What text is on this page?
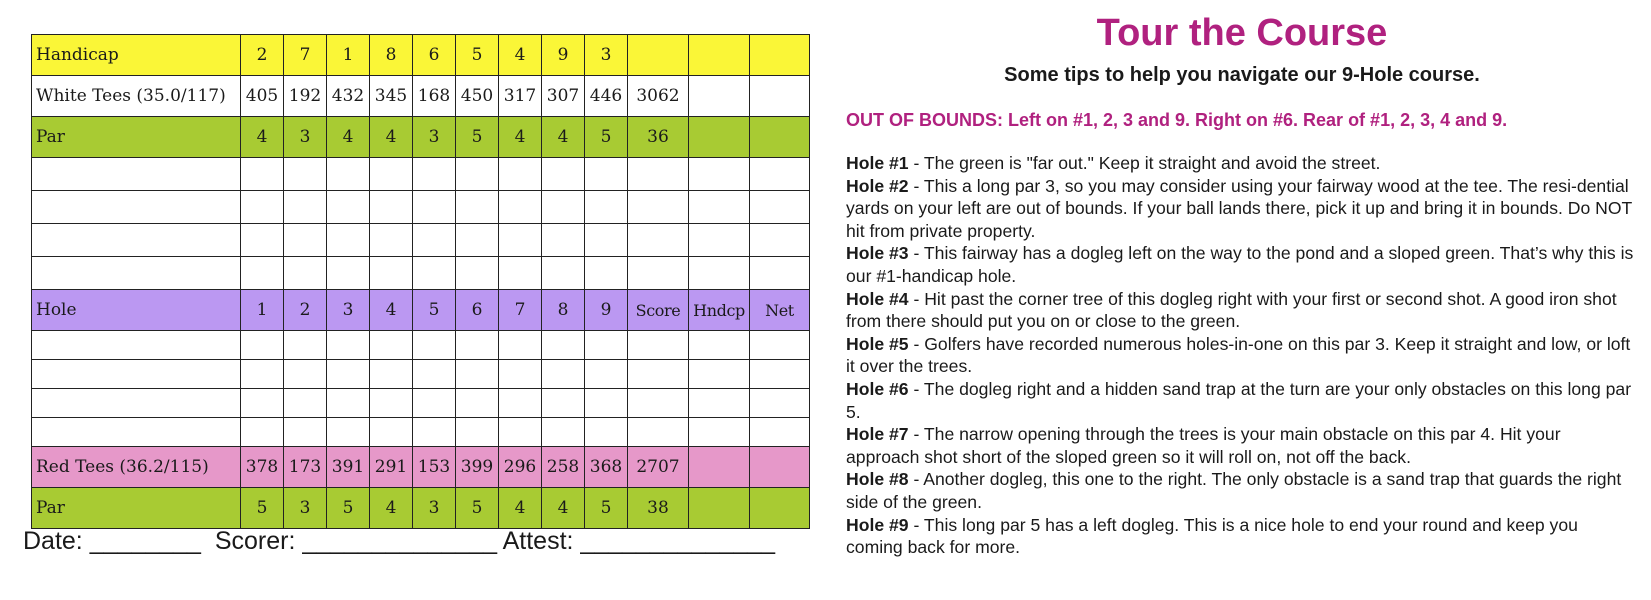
Handicap	2	7	1	8	6	5	4	9	3			
White Tees (35.0/117)	405	192	432	345	168	450	317	307	446	3062		
Par	4	3	4	4	3	5	4	4	5	36		

Hole	1	2	3	4	5	6	7	8	9	Score	Hndcp	Net

Red Tees (36.2/115)	378	173	391	291	153	399	296	258	368	2707		
Par	5	3	5	4	3	5	4	4	5	38		
Date: ________ Scorer: ______________ Attest: ______________
Tour the Course
Some tips to help you navigate our 9-Hole course.
OUT OF BOUNDS: Left on #1, 2, 3 and 9. Right on #6. Rear of #1, 2, 3, 4 and 9.
Hole #1 - The green is "far out." Keep it straight and avoid the street.
Hole #2 - This a long par 3, so you may consider using your fairway wood at the tee. The resi-dential yards on your left are out of bounds. If your ball lands there, pick it up and bring it in bounds. Do NOT hit from private property.
Hole #3 - This fairway has a dogleg left on the way to the pond and a sloped green. That’s why this is our #1-handicap hole.
Hole #4 - Hit past the corner tree of this dogleg right with your first or second shot. A good iron shot from there should put you on or close to the green.
Hole #5 - Golfers have recorded numerous holes-in-one on this par 3. Keep it straight and low, or loft it over the trees.
Hole #6 - The dogleg right and a hidden sand trap at the turn are your only obstacles on this long par 5.
Hole #7 - The narrow opening through the trees is your main obstacle on this par 4. Hit your approach shot short of the sloped green so it will roll on, not off the back.
Hole #8 - Another dogleg, this one to the right. The only obstacle is a sand trap that guards the right side of the green.
Hole #9 - This long par 5 has a left dogleg. This is a nice hole to end your round and keep you coming back for more.
